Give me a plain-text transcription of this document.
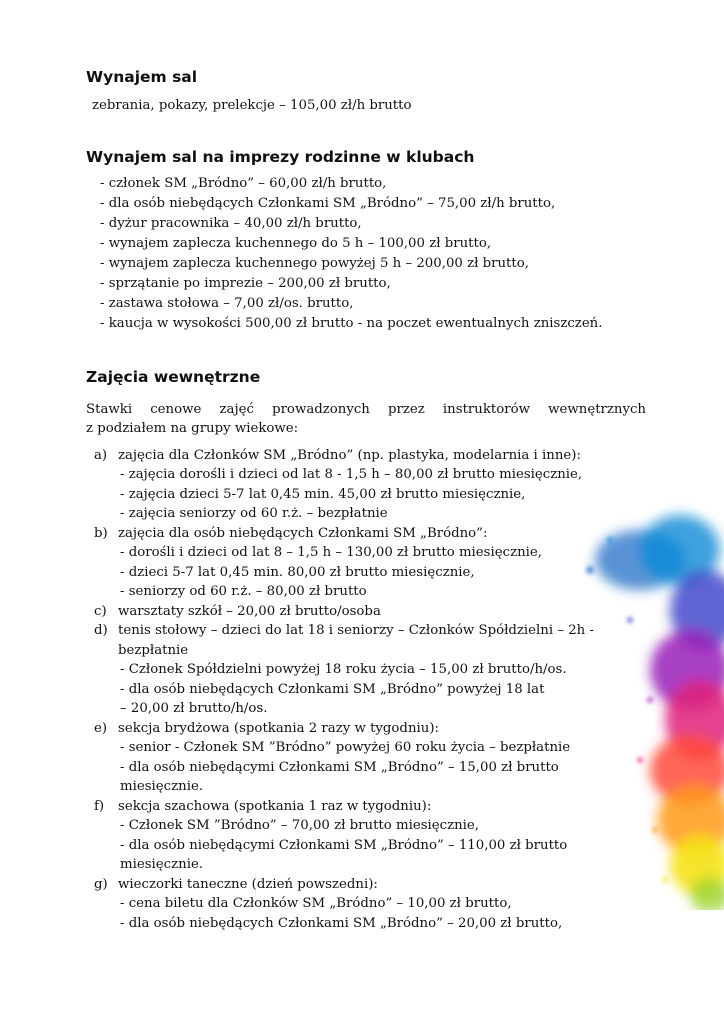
Wynajem sal
zebrania, pokazy, prelekcje – 105,00 zł/h brutto
Wynajem sal na imprezy rodzinne w klubach
- członek SM „Bródno” – 60,00 zł/h brutto,
- dla osób niebędących Członkami SM „Bródno” – 75,00 zł/h brutto,
- dyżur pracownika – 40,00 zł/h brutto,
- wynajem zaplecza kuchennego do 5 h – 100,00 zł brutto,
- wynajem zaplecza kuchennego powyżej 5 h – 200,00 zł brutto,
- sprzątanie po imprezie – 200,00 zł brutto,
- zastawa stołowa – 7,00 zł/os. brutto,
- kaucja w wysokości 500,00 zł brutto - na poczet ewentualnych zniszczeń.
Zajęcia wewnętrzne
Stawki cenowe zajęć prowadzonych przez instruktorów wewnętrznych
z podziałem na grupy wiekowe:
a) zajęcia dla Członków SM „Bródno” (np. plastyka, modelarnia i inne):
- zajęcia dorośli i dzieci od lat 8 - 1,5 h – 80,00 zł brutto miesięcznie,
- zajęcia dzieci 5-7 lat 0,45 min. 45,00 zł brutto miesięcznie,
- zajęcia seniorzy od 60 r.ż. – bezpłatnie
b) zajęcia dla osób niebędących Członkami SM „Bródno”:
- dorośli i dzieci od lat 8 – 1,5 h – 130,00 zł brutto miesięcznie,
- dzieci 5-7 lat 0,45 min. 80,00 zł brutto miesięcznie,
- seniorzy od 60 r.ż. – 80,00 zł brutto
c) warsztaty szkół – 20,00 zł brutto/osoba
d) tenis stołowy – dzieci do lat 18 i seniorzy – Członków Spółdzielni – 2h - bezpłatnie
- Członek Spółdzielni powyżej 18 roku życia – 15,00 zł brutto/h/os.
- dla osób niebędących Członkami SM „Bródno” powyżej 18 lat
– 20,00 zł brutto/h/os.
e) sekcja brydżowa (spotkania 2 razy w tygodniu):
- senior - Członek SM ”Bródno” powyżej 60 roku życia – bezpłatnie
- dla osób niebędącymi Członkami SM „Bródno” – 15,00 zł brutto
miesięcznie.
f) sekcja szachowa (spotkania 1 raz w tygodniu):
- Członek SM ”Bródno” – 70,00 zł brutto miesięcznie,
- dla osób niebędącymi Członkami SM „Bródno” – 110,00 zł brutto
miesięcznie.
g) wieczorki taneczne (dzień powszedni):
- cena biletu dla Członków SM „Bródno” – 10,00 zł brutto,
- dla osób niebędących Członkami SM „Bródno” – 20,00 zł brutto,
